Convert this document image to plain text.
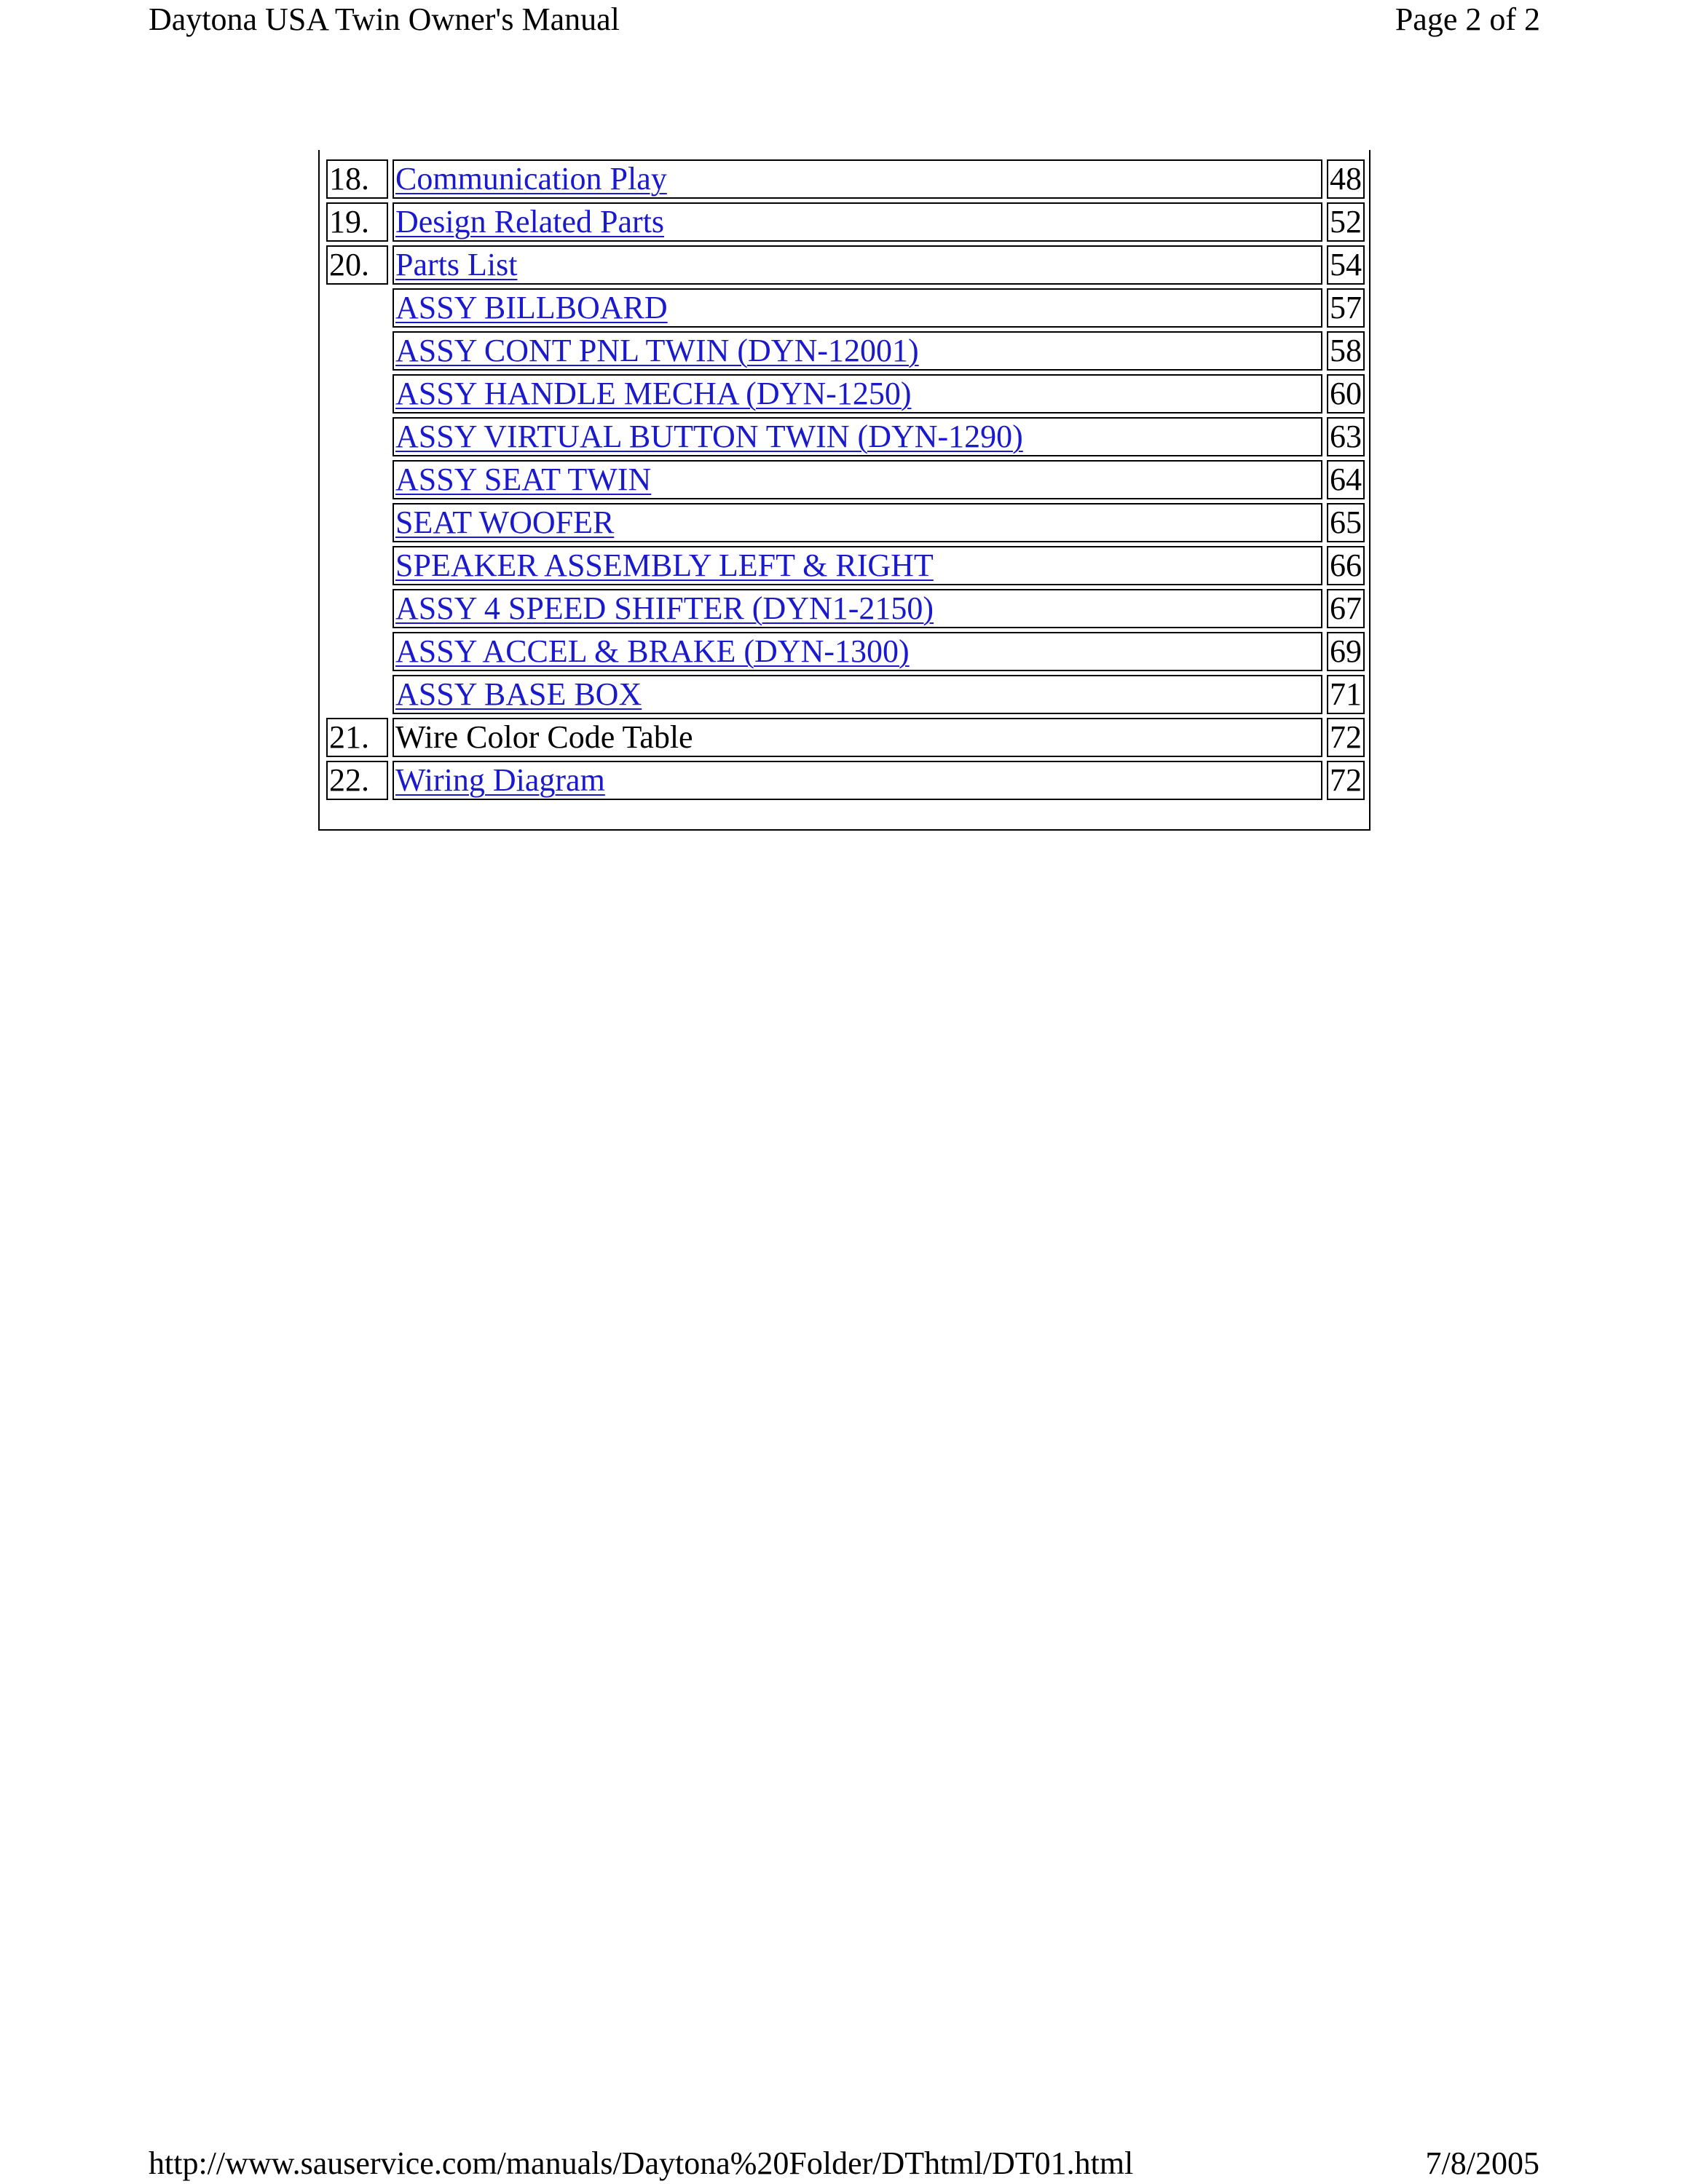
Daytona USA Twin Owner's Manual	Page 2 of 2
18.	Communication Play	48
19.	Design Related Parts	52
20.	Parts List	54
	ASSY BILLBOARD	57
	ASSY CONT PNL TWIN (DYN-12001)	58
	ASSY HANDLE MECHA (DYN-1250)	60
	ASSY VIRTUAL BUTTON TWIN (DYN-1290)	63
	ASSY SEAT TWIN	64
	SEAT WOOFER	65
	SPEAKER ASSEMBLY LEFT & RIGHT	66
	ASSY 4 SPEED SHIFTER (DYN1-2150)	67
	ASSY ACCEL & BRAKE (DYN-1300)	69
	ASSY BASE BOX	71
21.	Wire Color Code Table	72
22.	Wiring Diagram	72
http://www.sauservice.com/manuals/Daytona%20Folder/DThtml/DT01.html	7/8/2005
